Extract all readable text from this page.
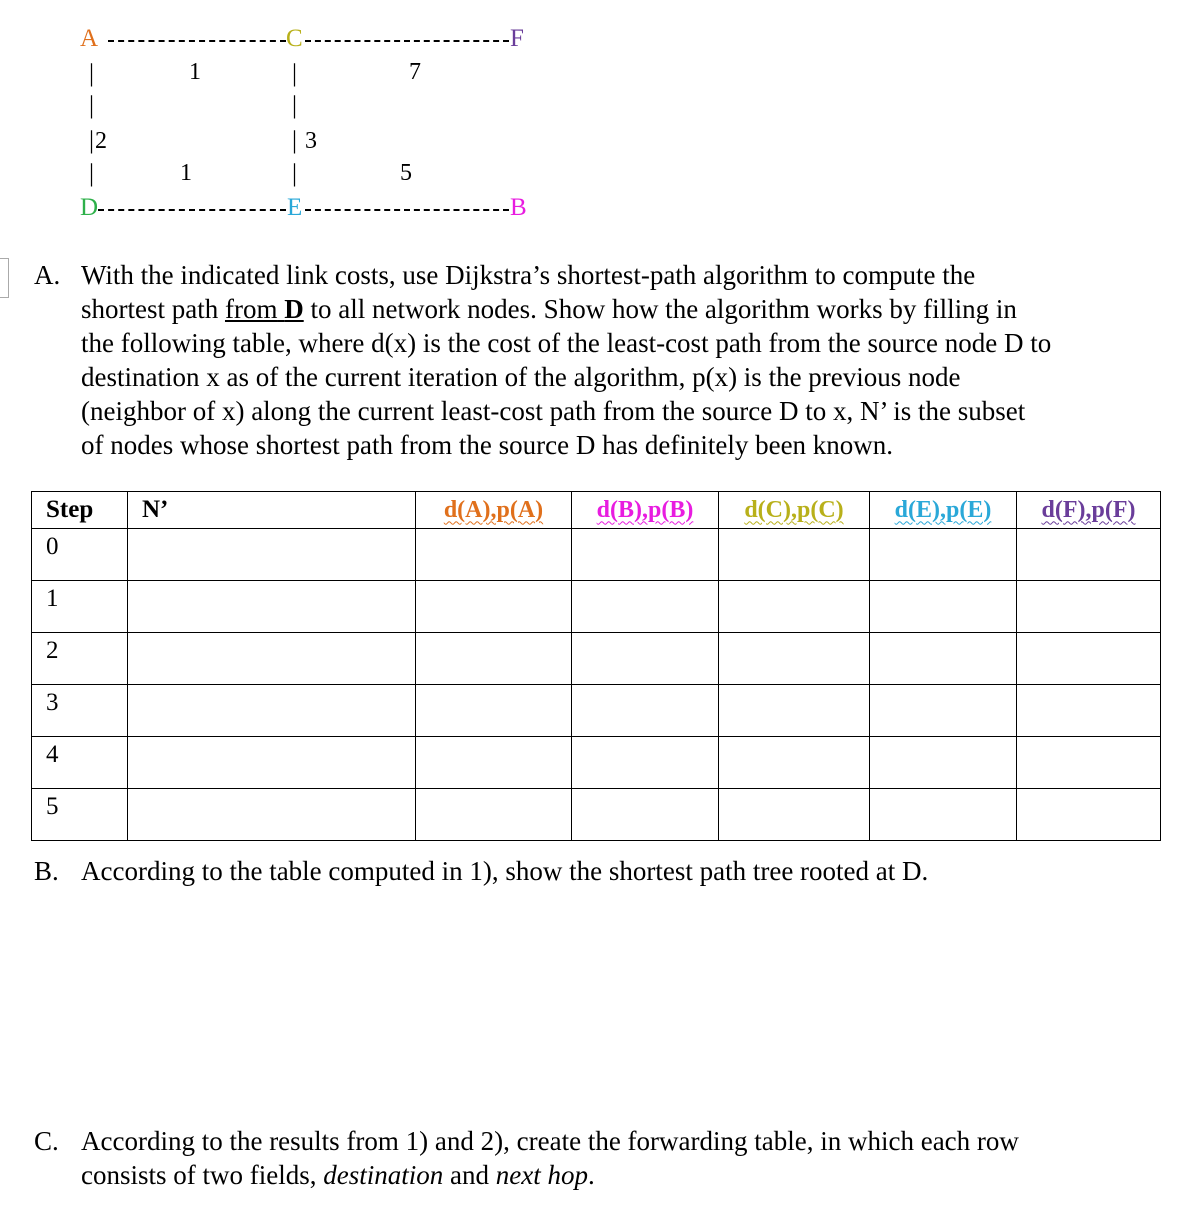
A	C	F
1	7
|
|
|
|
2
|
|
|
|
3
1	5
D	E	B
A. With the indicated link costs, use Dijkstra’s shortest-path algorithm to compute the
shortest path from D to all network nodes. Show how the algorithm works by filling in
the following table, where d(x) is the cost of the least-cost path from the source node D to
destination x as of the current iteration of the algorithm, p(x) is the previous node
(neighbor of x) along the current least-cost path from the source D to x, N’ is the subset
of nodes whose shortest path from the source D has definitely been known.
Step	N’	d(A),p(A)	d(B),p(B)	d(C),p(C)	d(E),p(E)	d(F),p(F)
0						
1						
2						
3						
4						
5						
B. According to the table computed in 1), show the shortest path tree rooted at D.
C. According to the results from 1) and 2), create the forwarding table, in which each row
consists of two fields, destination and next hop.
